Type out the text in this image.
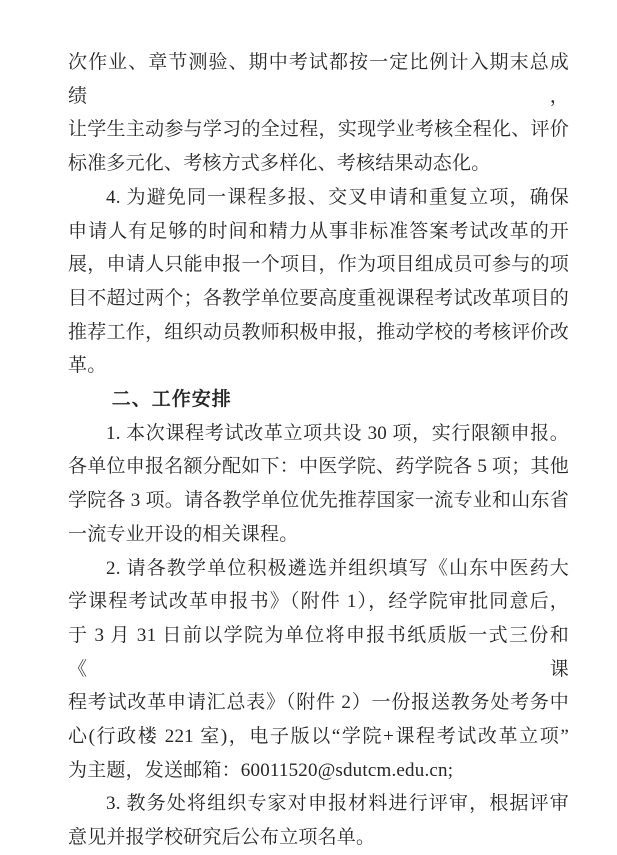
次作业、章节测验、期中考试都按一定比例计入期末总成绩，
让学生主动参与学习的全过程，实现学业考核全程化、评价
标准多元化、考核方式多样化、考核结果动态化。
4. 为避免同一课程多报、交叉申请和重复立项，确保
申请人有足够的时间和精力从事非标准答案考试改革的开
展，申请人只能申报一个项目，作为项目组成员可参与的项
目不超过两个；各教学单位要高度重视课程考试改革项目的
推荐工作，组织动员教师积极申报，推动学校的考核评价改
革。
二、工作安排
1. 本次课程考试改革立项共设 30 项，实行限额申报。
各单位申报名额分配如下：中医学院、药学院各 5 项；其他
学院各 3 项。请各教学单位优先推荐国家一流专业和山东省
一流专业开设的相关课程。
2. 请各教学单位积极遴选并组织填写《山东中医药大
学课程考试改革申报书》（附件 1），经学院审批同意后，
于 3 月 31 日前以学院为单位将申报书纸质版一式三份和《课
程考试改革申请汇总表》（附件 2）一份报送教务处考务中
心(行政楼 221 室)，电子版以“学院+课程考试改革立项”
为主题，发送邮箱：60011520@sdutcm.edu.cn;
3. 教务处将组织专家对申报材料进行评审，根据评审
意见并报学校研究后公布立项名单。
